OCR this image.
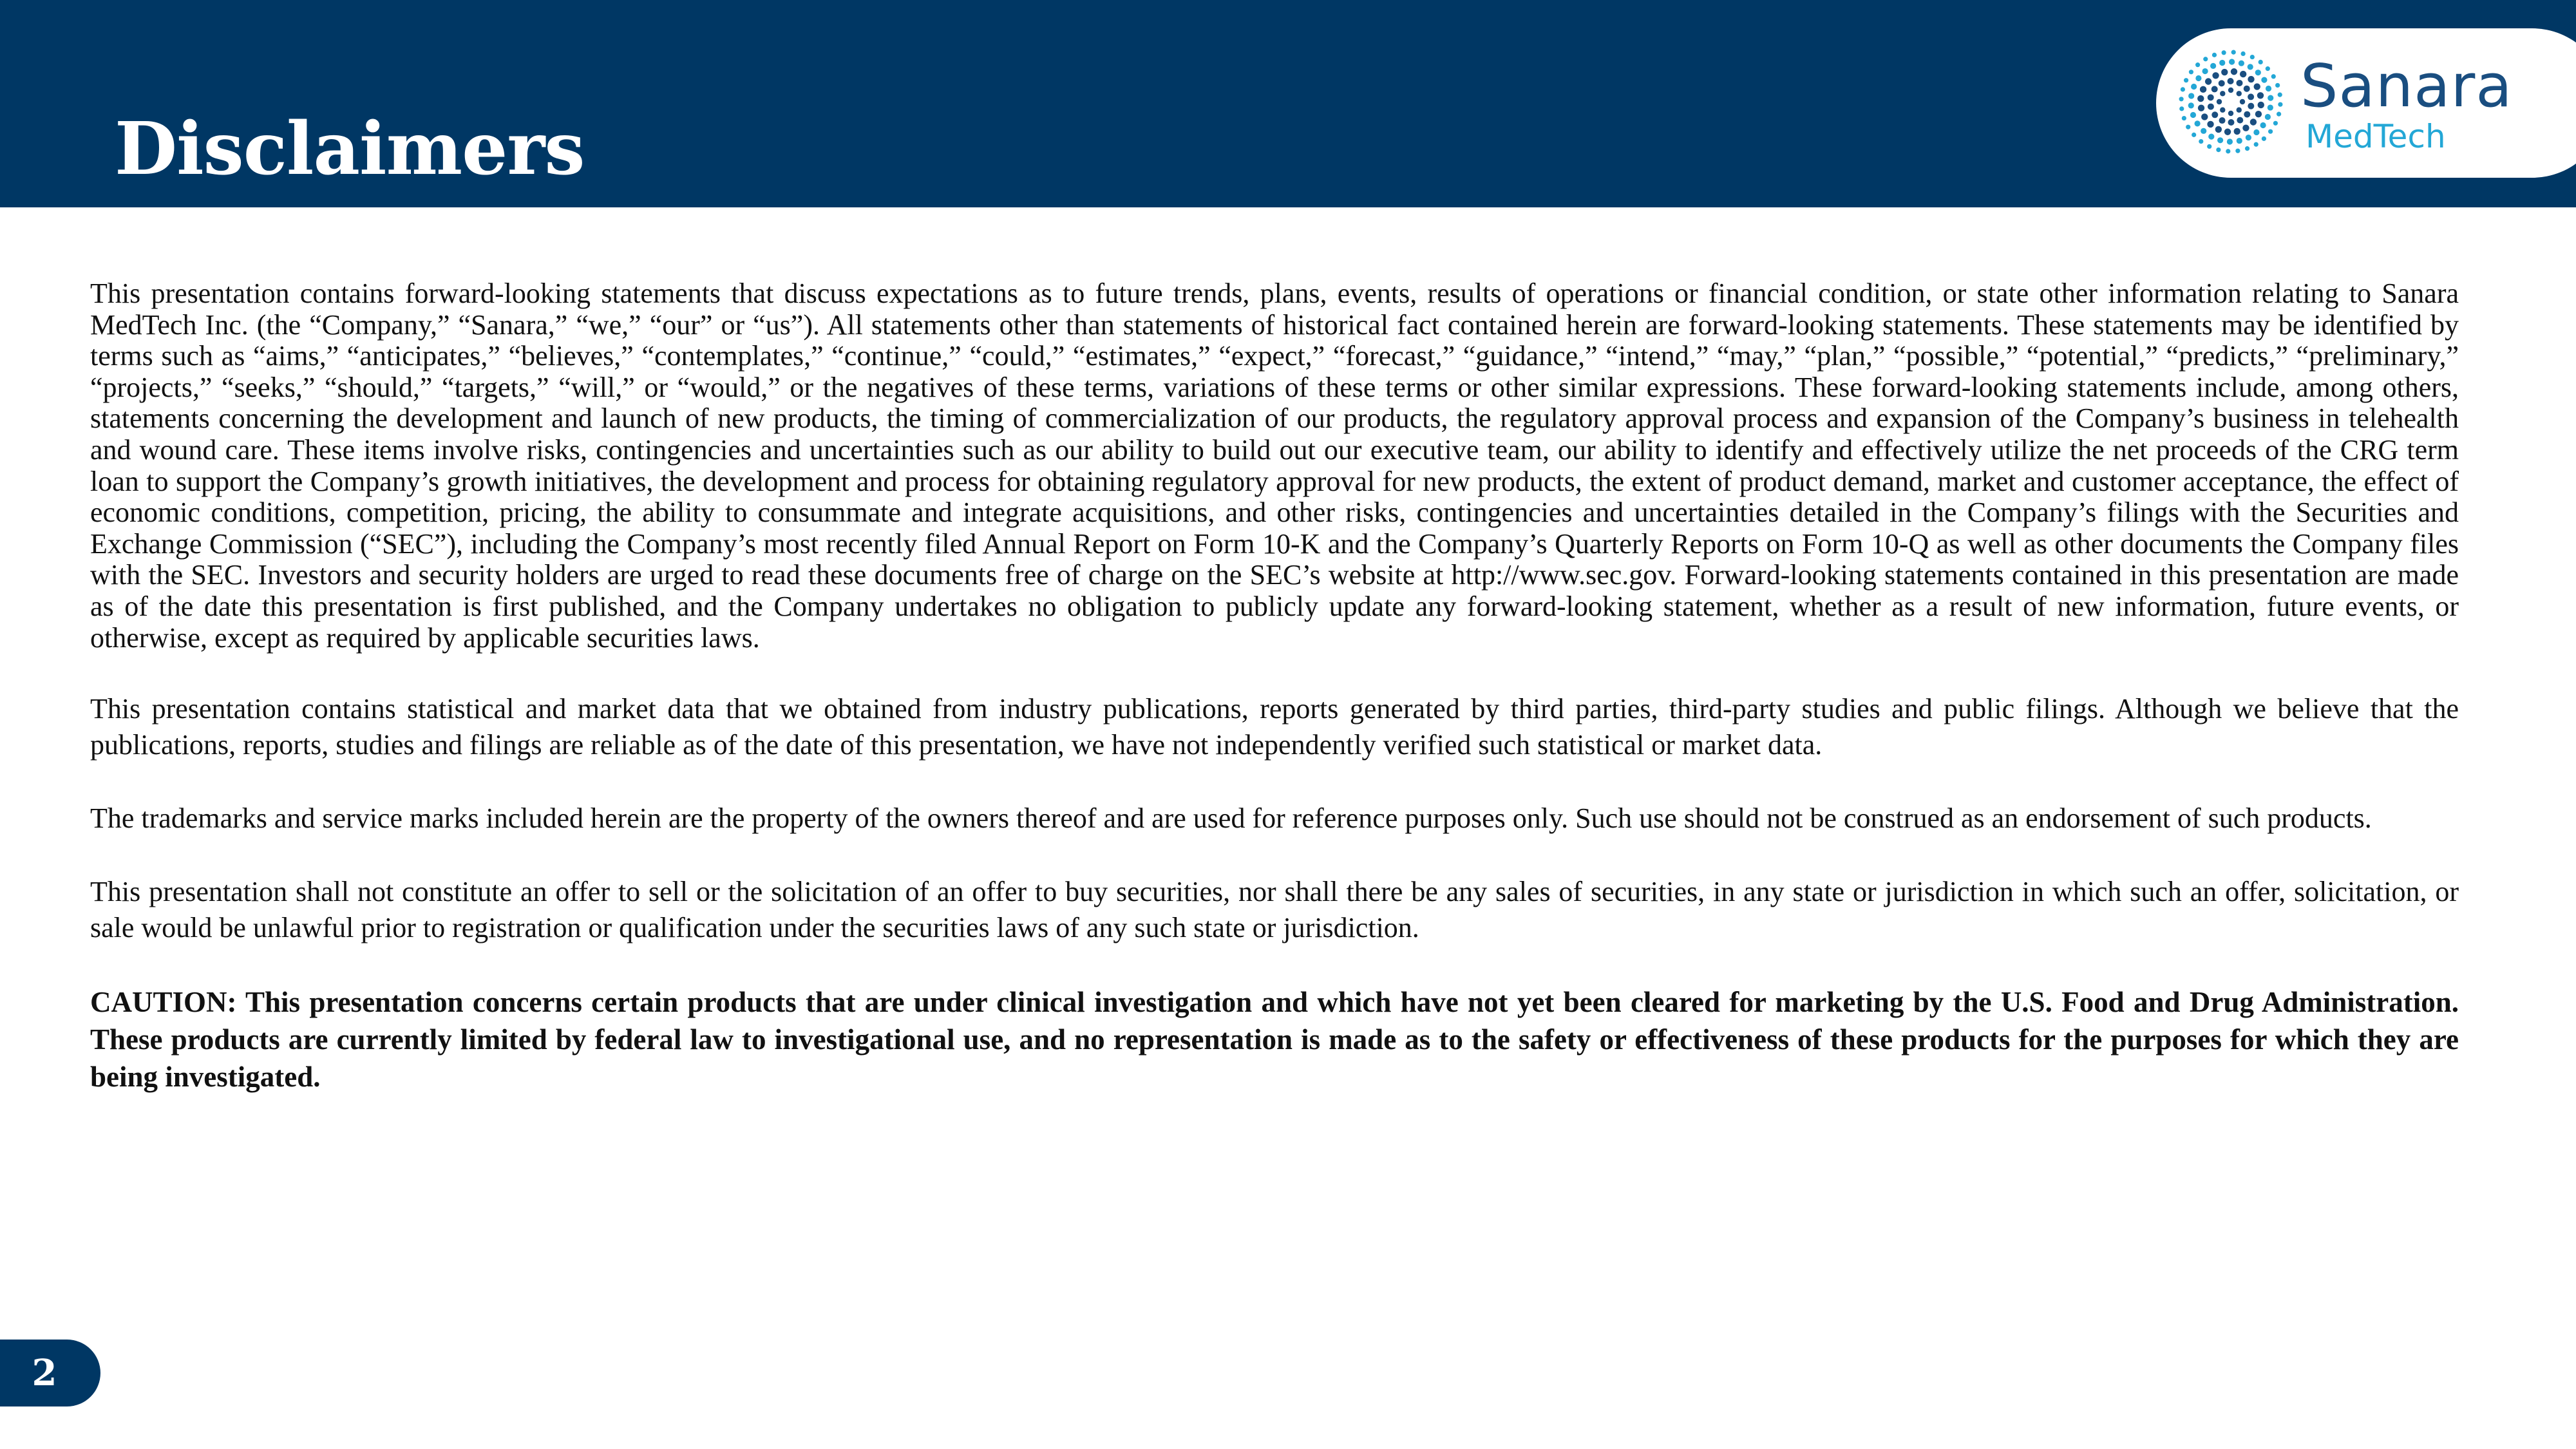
Disclaimers
Sanara
MedTech

This presentation contains forward-looking statements that discuss expectations as to future trends, plans, events, results of operations or financial condition, or state other information relating to Sanara MedTech Inc. (the “Company,” “Sanara,” “we,” “our” or “us”). All statements other than statements of historical fact contained herein are forward-looking statements. These statements may be identified by terms such as “aims,” “anticipates,” “believes,” “contemplates,” “continue,” “could,” “estimates,” “expect,” “forecast,” “guidance,” “intend,” “may,” “plan,” “possible,” “potential,” “predicts,” “preliminary,” “projects,” “seeks,” “should,” “targets,” “will,” or “would,” or the negatives of these terms, variations of these terms or other similar expressions. These forward-looking statements include, among others, statements concerning the development and launch of new products, the timing of commercialization of our products, the regulatory approval process and expansion of the Company’s business in telehealth and wound care. These items involve risks, contingencies and uncertainties such as our ability to build out our executive team, our ability to identify and effectively utilize the net proceeds of the CRG term loan to support the Company’s growth initiatives, the development and process for obtaining regulatory approval for new products, the extent of product demand, market and customer acceptance, the effect of economic conditions, competition, pricing, the ability to consummate and integrate acquisitions, and other risks, contingencies and uncertainties detailed in the Company’s filings with the Securities and Exchange Commission (“SEC”), including the Company’s most recently filed Annual Report on Form 10-K and the Company’s Quarterly Reports on Form 10-Q as well as other documents the Company files with the SEC. Investors and security holders are urged to read these documents free of charge on the SEC’s website at http://www.sec.gov. Forward-looking statements contained in this presentation are made as of the date this presentation is first published, and the Company undertakes no obligation to publicly update any forward-looking statement, whether as a result of new information, future events, or otherwise, except as required by applicable securities laws.

This presentation contains statistical and market data that we obtained from industry publications, reports generated by third parties, third-party studies and public filings. Although we believe that the publications, reports, studies and filings are reliable as of the date of this presentation, we have not independently verified such statistical or market data.

The trademarks and service marks included herein are the property of the owners thereof and are used for reference purposes only. Such use should not be construed as an endorsement of such products.

This presentation shall not constitute an offer to sell or the solicitation of an offer to buy securities, nor shall there be any sales of securities, in any state or jurisdiction in which such an offer, solicitation, or sale would be unlawful prior to registration or qualification under the securities laws of any such state or jurisdiction.

CAUTION: This presentation concerns certain products that are under clinical investigation and which have not yet been cleared for marketing by the U.S. Food and Drug Administration. These products are currently limited by federal law to investigational use, and no representation is made as to the safety or effectiveness of these products for the purposes for which they are being investigated.

2
